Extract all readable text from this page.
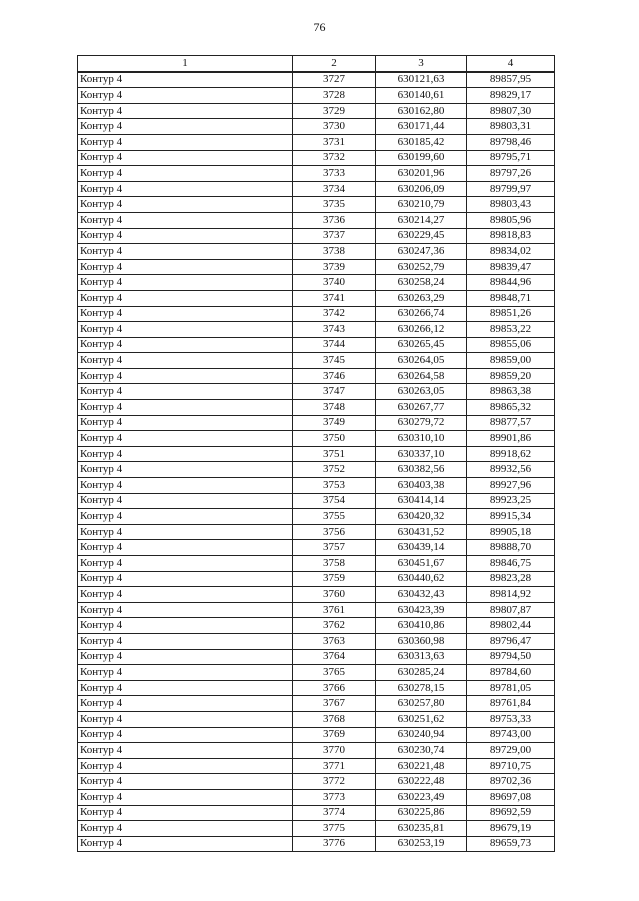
76
1	2	3	4
Контур 4	3727	630121,63	89857,95
Контур 4	3728	630140,61	89829,17
Контур 4	3729	630162,80	89807,30
Контур 4	3730	630171,44	89803,31
Контур 4	3731	630185,42	89798,46
Контур 4	3732	630199,60	89795,71
Контур 4	3733	630201,96	89797,26
Контур 4	3734	630206,09	89799,97
Контур 4	3735	630210,79	89803,43
Контур 4	3736	630214,27	89805,96
Контур 4	3737	630229,45	89818,83
Контур 4	3738	630247,36	89834,02
Контур 4	3739	630252,79	89839,47
Контур 4	3740	630258,24	89844,96
Контур 4	3741	630263,29	89848,71
Контур 4	3742	630266,74	89851,26
Контур 4	3743	630266,12	89853,22
Контур 4	3744	630265,45	89855,06
Контур 4	3745	630264,05	89859,00
Контур 4	3746	630264,58	89859,20
Контур 4	3747	630263,05	89863,38
Контур 4	3748	630267,77	89865,32
Контур 4	3749	630279,72	89877,57
Контур 4	3750	630310,10	89901,86
Контур 4	3751	630337,10	89918,62
Контур 4	3752	630382,56	89932,56
Контур 4	3753	630403,38	89927,96
Контур 4	3754	630414,14	89923,25
Контур 4	3755	630420,32	89915,34
Контур 4	3756	630431,52	89905,18
Контур 4	3757	630439,14	89888,70
Контур 4	3758	630451,67	89846,75
Контур 4	3759	630440,62	89823,28
Контур 4	3760	630432,43	89814,92
Контур 4	3761	630423,39	89807,87
Контур 4	3762	630410,86	89802,44
Контур 4	3763	630360,98	89796,47
Контур 4	3764	630313,63	89794,50
Контур 4	3765	630285,24	89784,60
Контур 4	3766	630278,15	89781,05
Контур 4	3767	630257,80	89761,84
Контур 4	3768	630251,62	89753,33
Контур 4	3769	630240,94	89743,00
Контур 4	3770	630230,74	89729,00
Контур 4	3771	630221,48	89710,75
Контур 4	3772	630222,48	89702,36
Контур 4	3773	630223,49	89697,08
Контур 4	3774	630225,86	89692,59
Контур 4	3775	630235,81	89679,19
Контур 4	3776	630253,19	89659,73
